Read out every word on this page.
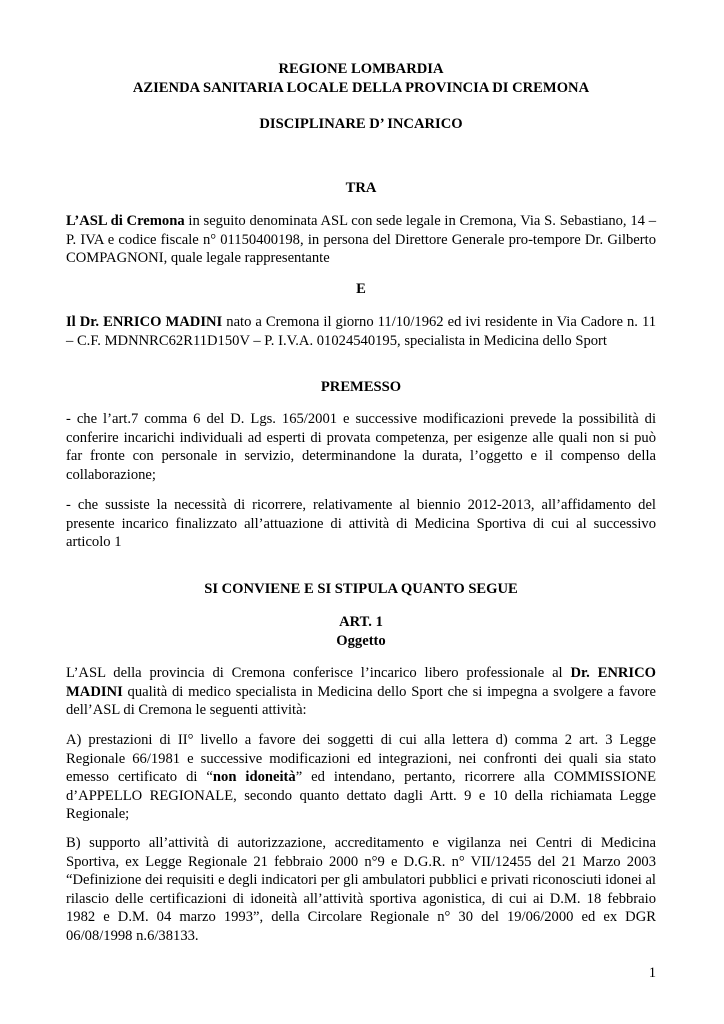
REGIONE LOMBARDIA
AZIENDA SANITARIA LOCALE DELLA PROVINCIA DI CREMONA
DISCIPLINARE D’ INCARICO
TRA

L’ASL di Cremona in seguito denominata ASL con sede legale in Cremona, Via S. Sebastiano, 14 – P. IVA e codice fiscale n° 01150400198, in persona del Direttore Generale pro-tempore Dr. Gilberto COMPAGNONI, quale legale rappresentante

E

Il Dr. ENRICO MADINI nato a Cremona il giorno 11/10/1962 ed ivi residente in Via Cadore n. 11 – C.F. MDNNRC62R11D150V – P. I.V.A. 01024540195, specialista in Medicina dello Sport

PREMESSO

- che l’art.7 comma 6 del D. Lgs. 165/2001 e successive modificazioni prevede la possibilità di conferire incarichi individuali ad esperti di provata competenza, per esigenze alle quali non si può far fronte con personale in servizio, determinandone la durata, l’oggetto e il compenso della collaborazione;

- che sussiste la necessità di ricorrere, relativamente al biennio 2012-2013, all’affidamento del presente incarico finalizzato all’attuazione di attività di Medicina Sportiva di cui al successivo articolo 1

SI CONVIENE E SI STIPULA QUANTO SEGUE
ART. 1
Oggetto

L’ASL della provincia di Cremona conferisce l’incarico libero professionale al Dr. ENRICO MADINI qualità di medico specialista in Medicina dello Sport che si impegna a svolgere a favore dell’ASL di Cremona le seguenti attività:

A) prestazioni di II° livello a favore dei soggetti di cui alla lettera d) comma 2 art. 3 Legge Regionale 66/1981 e successive modificazioni ed integrazioni, nei confronti dei quali sia stato emesso certificato di “non idoneità” ed intendano, pertanto, ricorrere alla COMMISSIONE d’APPELLO REGIONALE, secondo quanto dettato dagli Artt. 9 e 10 della richiamata Legge Regionale;

B) supporto all’attività di autorizzazione, accreditamento e vigilanza nei Centri di Medicina Sportiva, ex Legge Regionale 21 febbraio 2000 n°9 e D.G.R. n° VII/12455 del 21 Marzo 2003 “Definizione dei requisiti e degli indicatori per gli ambulatori pubblici e privati riconosciuti idonei al rilascio delle certificazioni di idoneità all’attività sportiva agonistica, di cui ai D.M. 18 febbraio 1982 e D.M. 04 marzo 1993”, della Circolare Regionale n° 30 del 19/06/2000 ed ex DGR 06/08/1998 n.6/38133.

1
